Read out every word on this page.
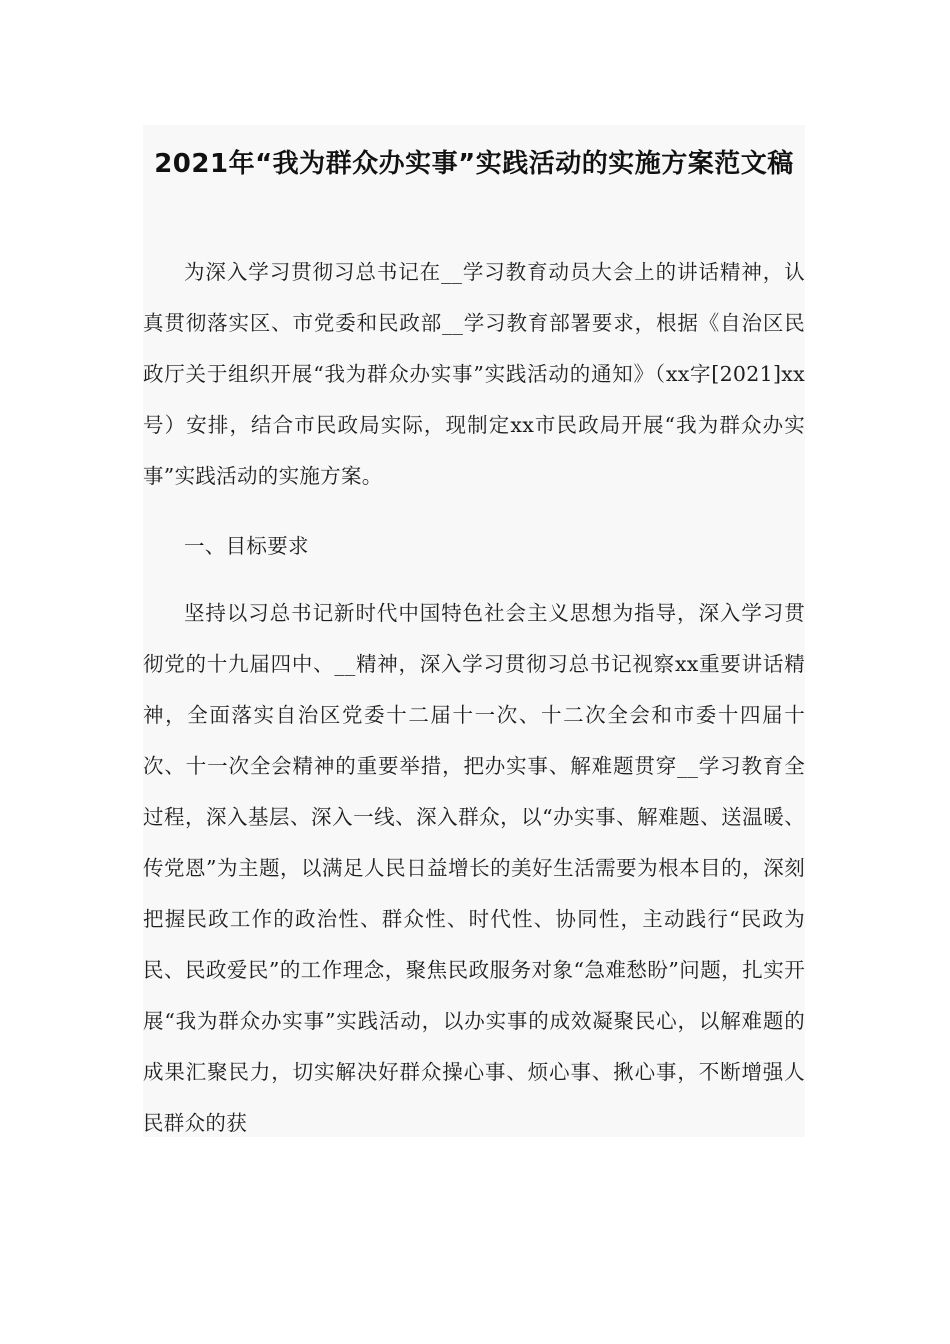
2021年“我为群众办实事”实践活动的实施方案范文稿

为深入学习贯彻习总书记在__学习教育动员大会上的讲话精神，认真贯彻落实区、市党委和民政部__学习教育部署要求，根据《自治区民政厅关于组织开展“我为群众办实事”实践活动的通知》（xx字[2021]xx号）安排，结合市民政局实际，现制定xx市民政局开展“我为群众办实事”实践活动的实施方案。

一、目标要求

坚持以习总书记新时代中国特色社会主义思想为指导，深入学习贯彻党的十九届四中、__精神，深入学习贯彻习总书记视察xx重要讲话精神，全面落实自治区党委十二届十一次、十二次全会和市委十四届十次、十一次全会精神的重要举措，把办实事、解难题贯穿__学习教育全过程，深入基层、深入一线、深入群众，以“办实事、解难题、送温暖、传党恩”为主题，以满足人民日益增长的美好生活需要为根本目的，深刻把握民政工作的政治性、群众性、时代性、协同性，主动践行“民政为民、民政爱民”的工作理念，聚焦民政服务对象“急难愁盼”问题，扎实开展“我为群众办实事”实践活动，以办实事的成效凝聚民心，以解难题的成果汇聚民力，切实解决好群众操心事、烦心事、揪心事，不断增强人民群众的获
